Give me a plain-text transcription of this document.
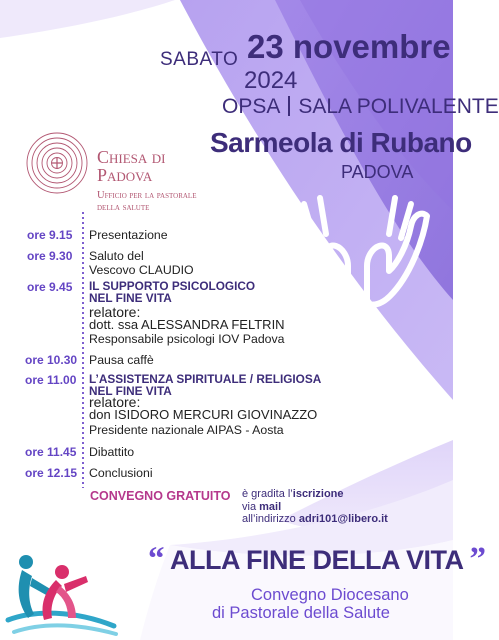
SABATO 23 novembre
2024
OPSA SALA POLIVALENTE
Sarmeola di Rubano
PADOVA
Chiesa di
Padova
Ufficio per la pastorale
della salute
ore 9.15 Presentazione
ore 9.30 Saluto del
Vescovo CLAUDIO
ore 9.45 IL SUPPORTO PSICOLOGICO
NEL FINE VITA
relatore:
dott. ssa ALESSANDRA FELTRIN
Responsabile psicologi IOV Padova
ore 10.30 Pausa caffè
ore 11.00 L’ASSISTENZA SPIRITUALE / RELIGIOSA
NEL FINE VITA
relatore:
don ISIDORO MERCURI GIOVINAZZO
Presidente nazionale AIPAS - Aosta
ore 11.45 Dibattito
ore 12.15 Conclusioni
CONVEGNO GRATUITO è gradita l’iscrizione
via mail
all’indirizzo adri101@libero.it
“ ALLA FINE DELLA VITA ”
Convegno Diocesano
di Pastorale della Salute
